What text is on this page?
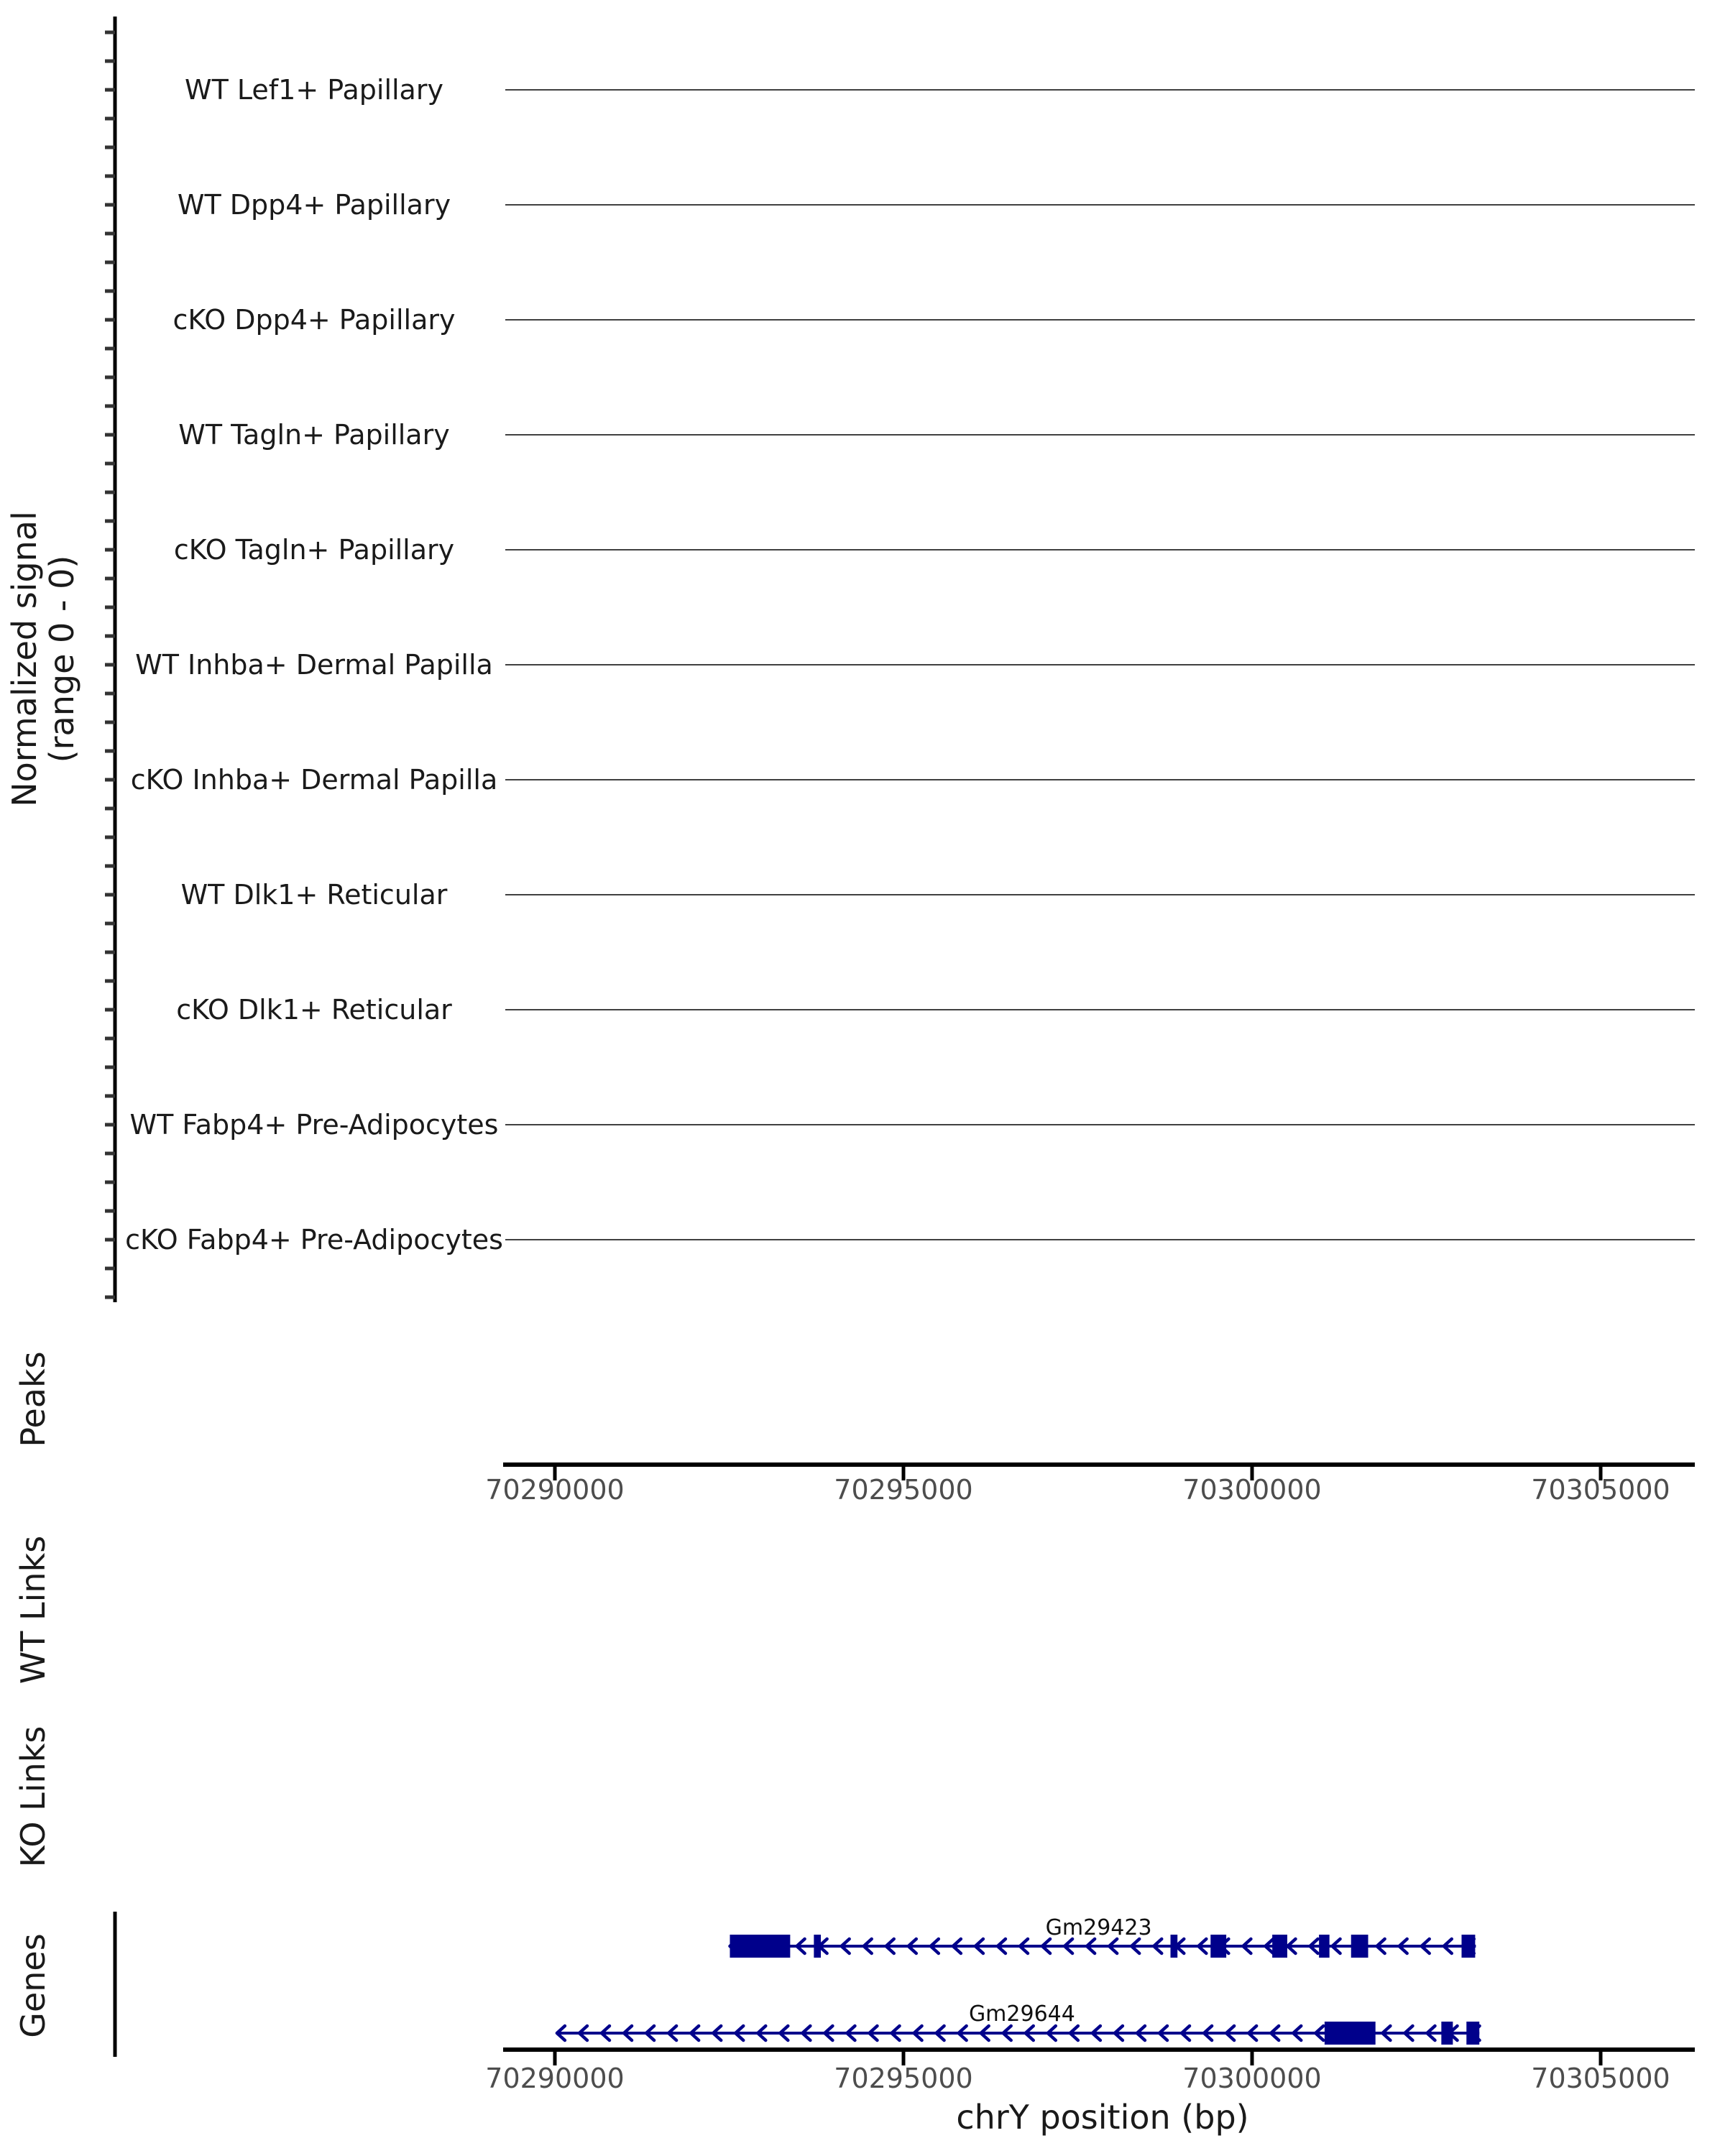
Normalized signal(range 0 - 0)
WT Lef1+ Papillary
WT Dpp4+ Papillary
cKO Dpp4+ Papillary
WT Tagln+ Papillary
cKO Tagln+ Papillary
WT Inhba+ Dermal Papilla
cKO Inhba+ Dermal Papilla
WT Dlk1+ Reticular
cKO Dlk1+ Reticular
WT Fabp4+ Pre-Adipocytes
cKO Fabp4+ Pre-Adipocytes
Peaks
WT Links
KO Links
Genes
70290000	70295000	70300000	70305000
70290000	70295000	70300000	70305000
Gm29423
Gm29644
chrY position (bp)
